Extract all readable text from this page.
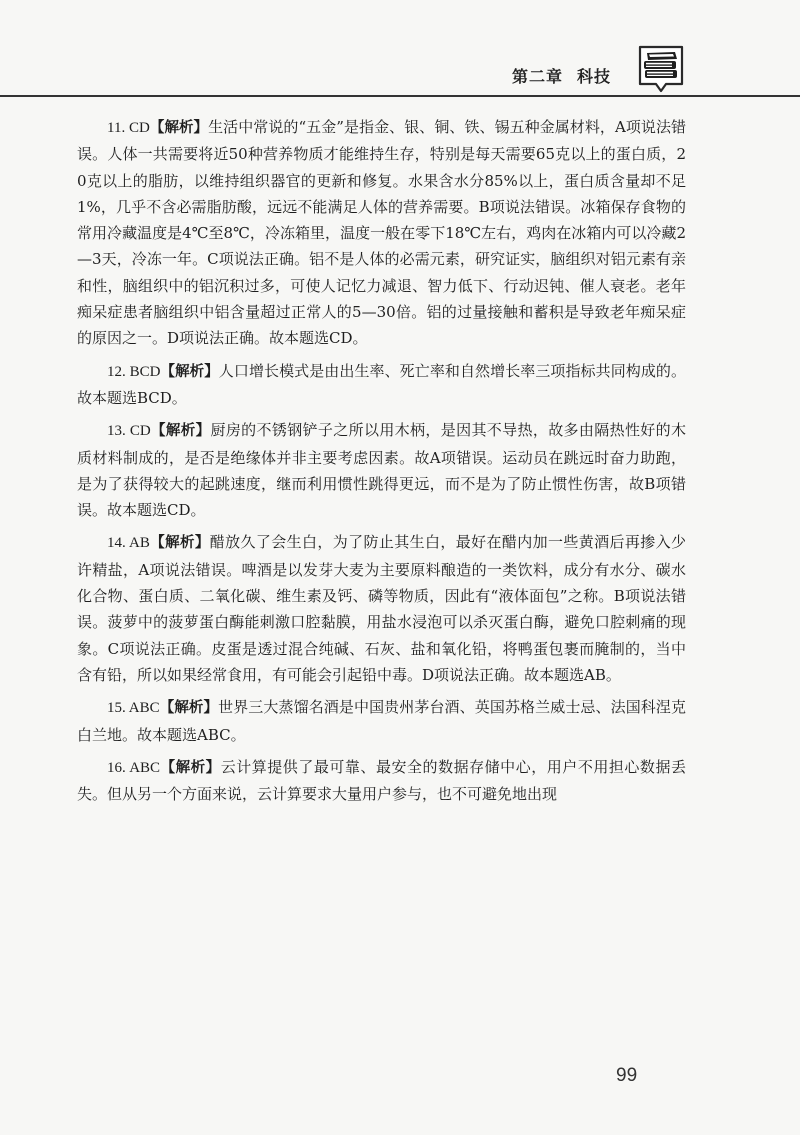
第二章 科技

11. CD【解析】生活中常说的“五金”是指金、银、铜、铁、锡五种金属材料，A项说法错误。人体一共需要将近50种营养物质才能维持生存，特别是每天需要65克以上的蛋白质，20克以上的脂肪，以维持组织器官的更新和修复。水果含水分85%以上，蛋白质含量却不足1%，几乎不含必需脂肪酸，远远不能满足人体的营养需要。B项说法错误。冰箱保存食物的常用冷藏温度是4℃至8℃，冷冻箱里，温度一般在零下18℃左右，鸡肉在冰箱内可以冷藏2—3天，冷冻一年。C项说法正确。铝不是人体的必需元素，研究证实，脑组织对铝元素有亲和性，脑组织中的铝沉积过多，可使人记忆力减退、智力低下、行动迟钝、催人衰老。老年痴呆症患者脑组织中铝含量超过正常人的5—30倍。铝的过量接触和蓄积是导致老年痴呆症的原因之一。D项说法正确。故本题选CD。

12. BCD【解析】人口增长模式是由出生率、死亡率和自然增长率三项指标共同构成的。故本题选BCD。

13. CD【解析】厨房的不锈钢铲子之所以用木柄，是因其不导热，故多由隔热性好的木质材料制成的，是否是绝缘体并非主要考虑因素。故A项错误。运动员在跳远时奋力助跑，是为了获得较大的起跳速度，继而利用惯性跳得更远，而不是为了防止惯性伤害，故B项错误。故本题选CD。

14. AB【解析】醋放久了会生白，为了防止其生白，最好在醋内加一些黄酒后再掺入少许精盐，A项说法错误。啤酒是以发芽大麦为主要原料酿造的一类饮料，成分有水分、碳水化合物、蛋白质、二氧化碳、维生素及钙、磷等物质，因此有“液体面包”之称。B项说法错误。菠萝中的菠萝蛋白酶能刺激口腔黏膜，用盐水浸泡可以杀灭蛋白酶，避免口腔刺痛的现象。C项说法正确。皮蛋是透过混合纯碱、石灰、盐和氧化铅，将鸭蛋包裹而腌制的，当中含有铅，所以如果经常食用，有可能会引起铅中毒。D项说法正确。故本题选AB。

15. ABC【解析】世界三大蒸馏名酒是中国贵州茅台酒、英国苏格兰威士忌、法国科涅克白兰地。故本题选ABC。

16. ABC【解析】云计算提供了最可靠、最安全的数据存储中心，用户不用担心数据丢失。但从另一个方面来说，云计算要求大量用户参与，也不可避免地出现

99
